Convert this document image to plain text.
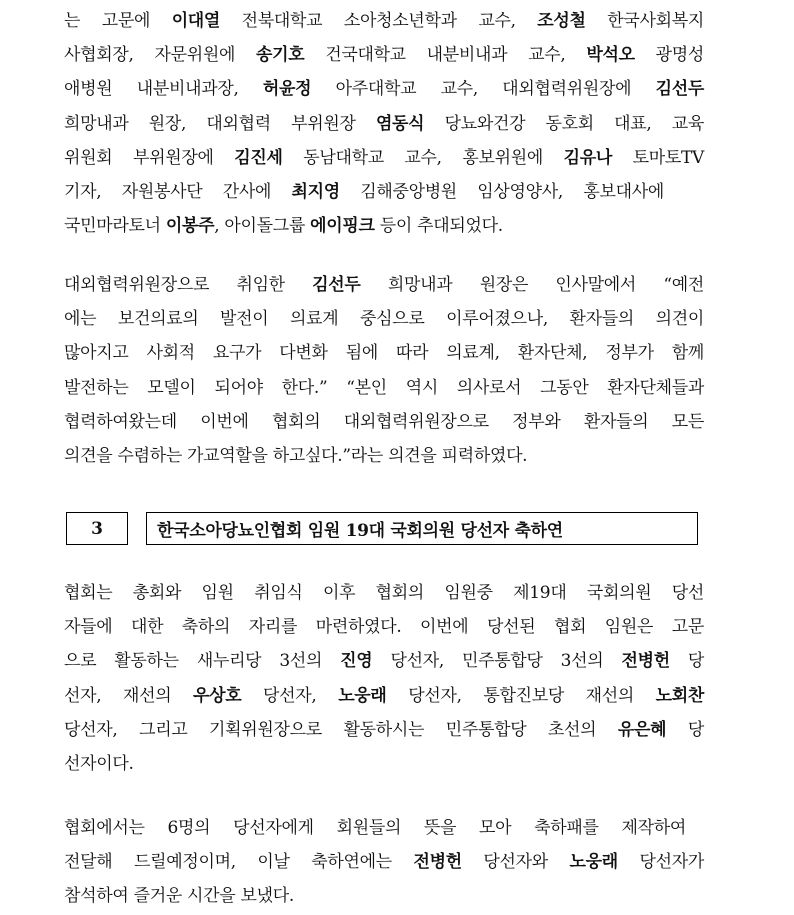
는 고문에 이대열 전북대학교 소아청소년학과 교수, 조성철 한국사회복지
사협회장, 자문위원에 송기호 건국대학교 내분비내과 교수, 박석오 광명성
애병원 내분비내과장, 허윤정 아주대학교 교수, 대외협력위원장에 김선두
희망내과 원장, 대외협력 부위원장 염동식 당뇨와건강 동호회 대표, 교육
위원회 부위원장에 김진세 동남대학교 교수, 홍보위원에 김유나 토마토TV
기자, 자원봉사단 간사에 최지영 김해중앙병원 임상영양사, 홍보대사에
국민마라토너 이봉주, 아이돌그룹 에이핑크 등이 추대되었다.
대외협력위원장으로 취임한 김선두 희망내과 원장은 인사말에서 “예전
에는 보건의료의 발전이 의료계 중심으로 이루어졌으나, 환자들의 의견이
많아지고 사회적 요구가 다변화 됨에 따라 의료계, 환자단체, 정부가 함께
발전하는 모델이 되어야 한다.” “본인 역시 의사로서 그동안 환자단체들과
협력하여왔는데 이번에 협회의 대외협력위원장으로 정부와 환자들의 모든
의견을 수렴하는 가교역할을 하고싶다.”라는 의견을 피력하였다.
3	한국소아당뇨인협회 임원 19대 국회의원 당선자 축하연
협회는 총회와 임원 취임식 이후 협회의 임원중 제19대 국회의원 당선
자들에 대한 축하의 자리를 마련하였다. 이번에 당선된 협회 임원은 고문
으로 활동하는 새누리당 3선의 진영 당선자, 민주통합당 3선의 전병헌 당
선자, 재선의 우상호 당선자, 노웅래 당선자, 통합진보당 재선의 노회찬
당선자, 그리고 기획위원장으로 활동하시는 민주통합당 초선의 유은혜 당
선자이다.
협회에서는 6명의 당선자에게 회원들의 뜻을 모아 축하패를 제작하여
전달해 드릴예정이며, 이날 축하연에는 전병헌 당선자와 노웅래 당선자가
참석하여 즐거운 시간을 보냈다.
